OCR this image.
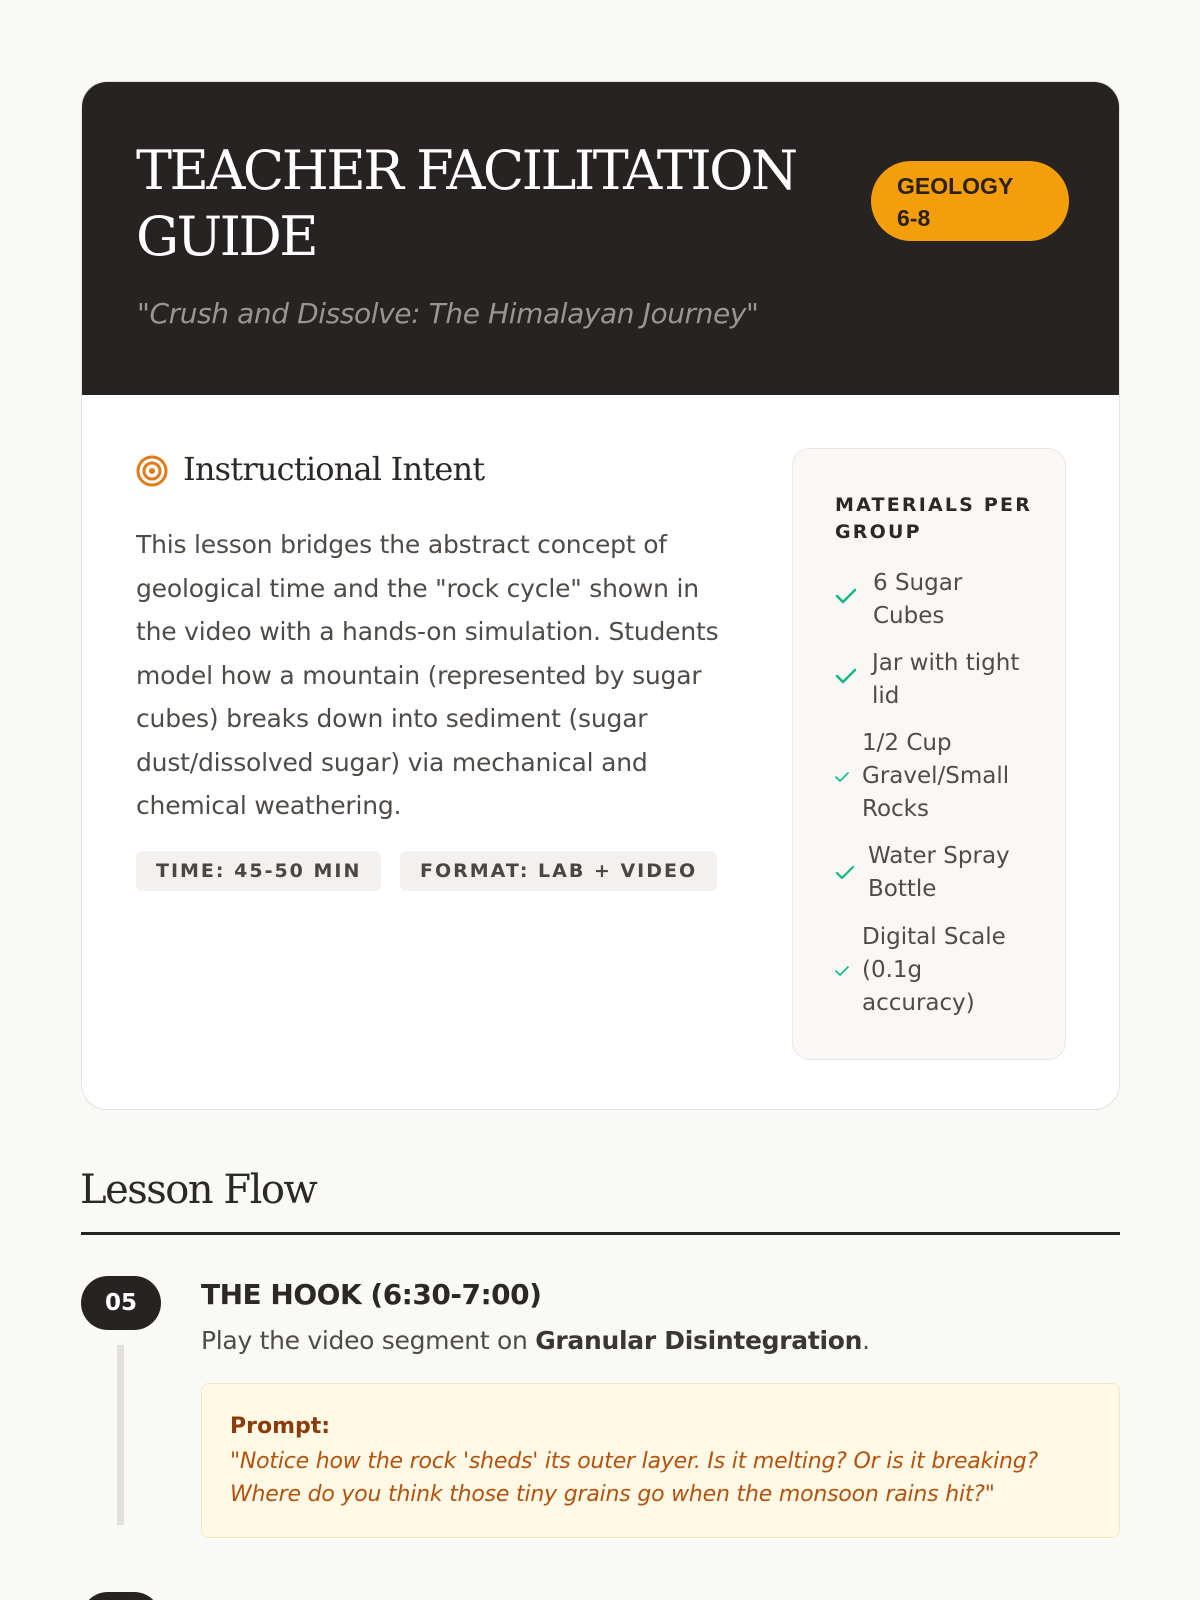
TEACHER FACILITATION GUIDE
GEOLOGY
6-8
"Crush and Dissolve: The Himalayan Journey"
Instructional Intent

This lesson bridges the abstract concept of geological time and the "rock cycle" shown in the video with a hands-on simulation. Students model how a mountain (represented by sugar cubes) breaks down into sediment (sugar dust/dissolved sugar) via mechanical and chemical weathering.

TIME: 45-50 MIN	FORMAT: LAB + VIDEO
MATERIALS PER GROUP
6 Sugar Cubes
Jar with tight lid
1/2 Cup Gravel/Small Rocks
Water Spray Bottle
Digital Scale (0.1g accuracy)
Lesson Flow
05	THE HOOK (6:30-7:00)
Play the video segment on Granular Disintegration.
Prompt:
"Notice how the rock 'sheds' its outer layer. Is it melting? Or is it breaking? Where do you think those tiny grains go when the monsoon rains hit?"
